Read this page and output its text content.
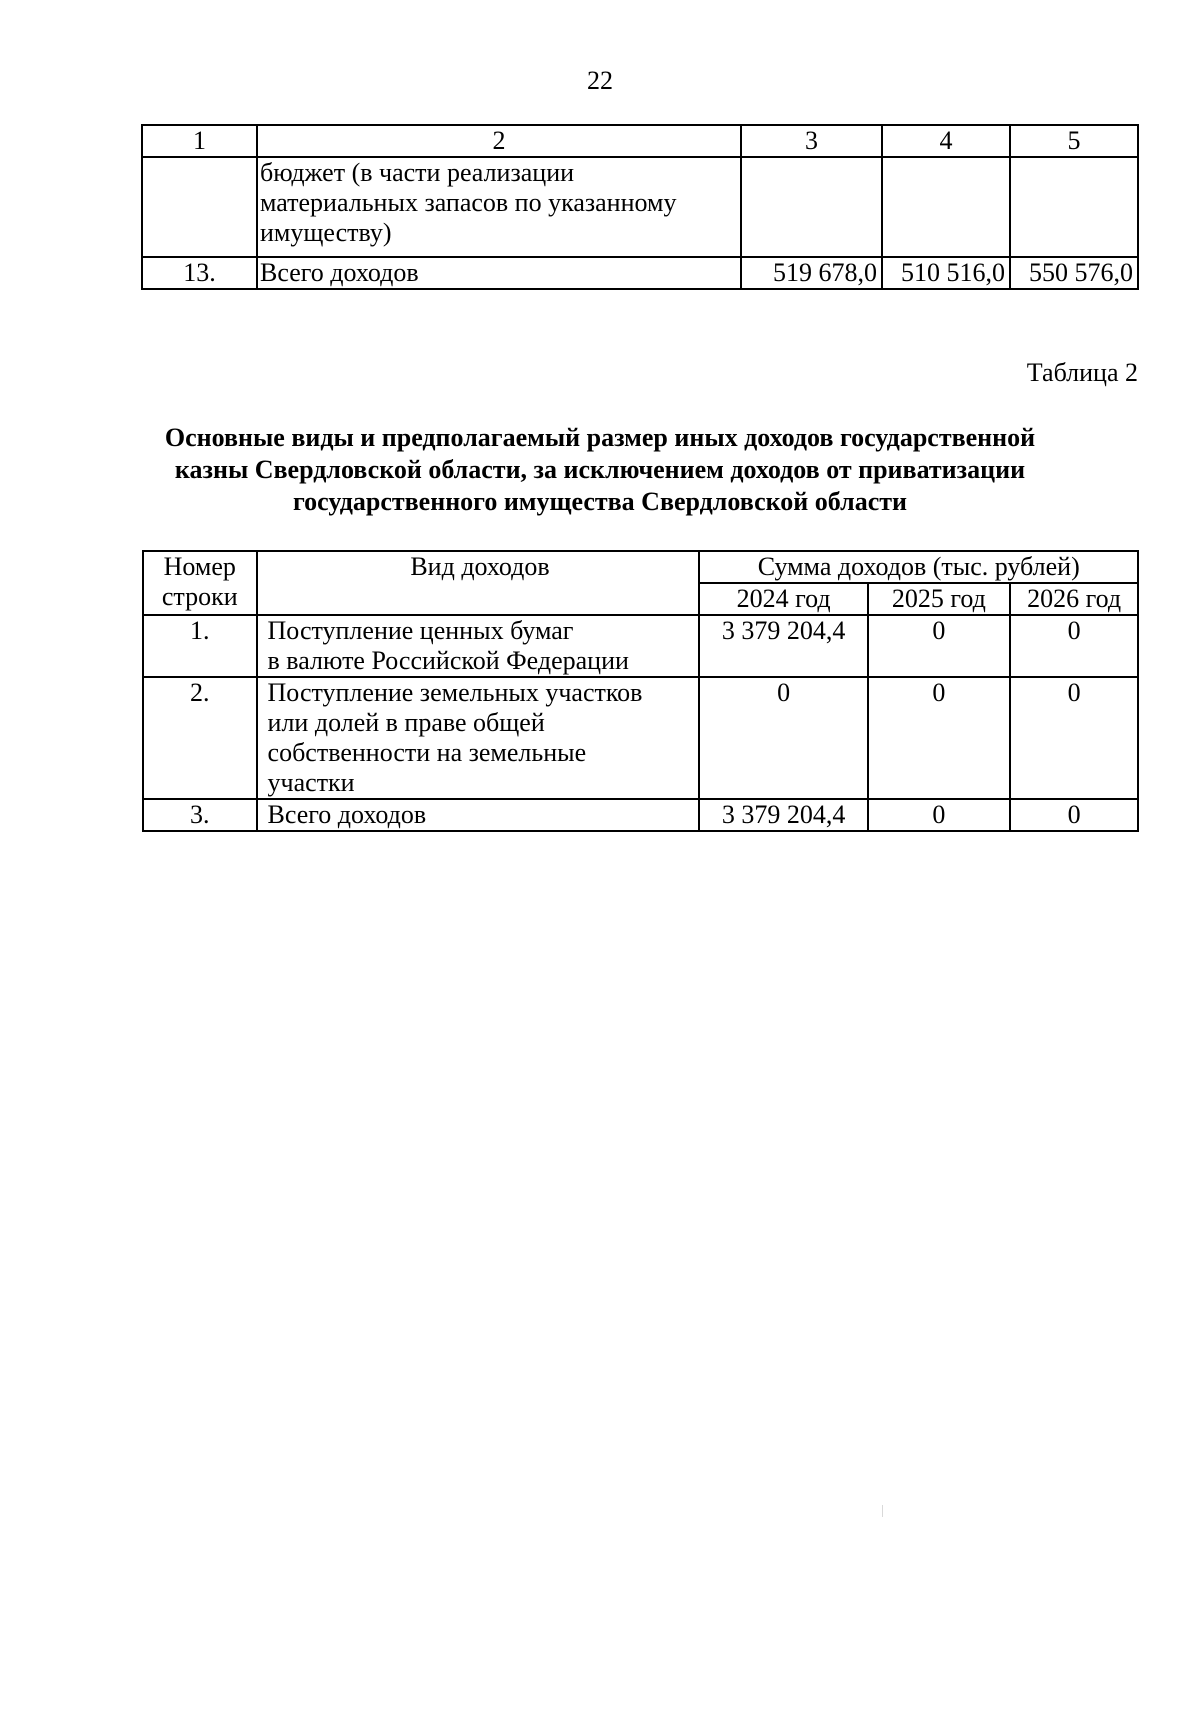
22
1	2	3	4	5

	бюджет (в части реализации
материальных запасов по указанному
имуществу)			

13.	Всего доходов	519 678,0	510 516,0	550 576,0
Таблица 2
Основные виды и предполагаемый размер иных доходов государственной
казны Свердловской области, за исключением доходов от приватизации
государственного имущества Свердловской области
Номер
строки	Вид доходов	Сумма доходов (тыс. рублей)		
		2024 год	2025 год	2026 год
1.	Поступление ценных бумаг
в валюте Российской Федерации	3 379 204,4	0	0
2.	Поступление земельных участков
или долей в праве общей
собственности на земельные
участки	0	0	0
3.	Всего доходов	3 379 204,4	0	0
